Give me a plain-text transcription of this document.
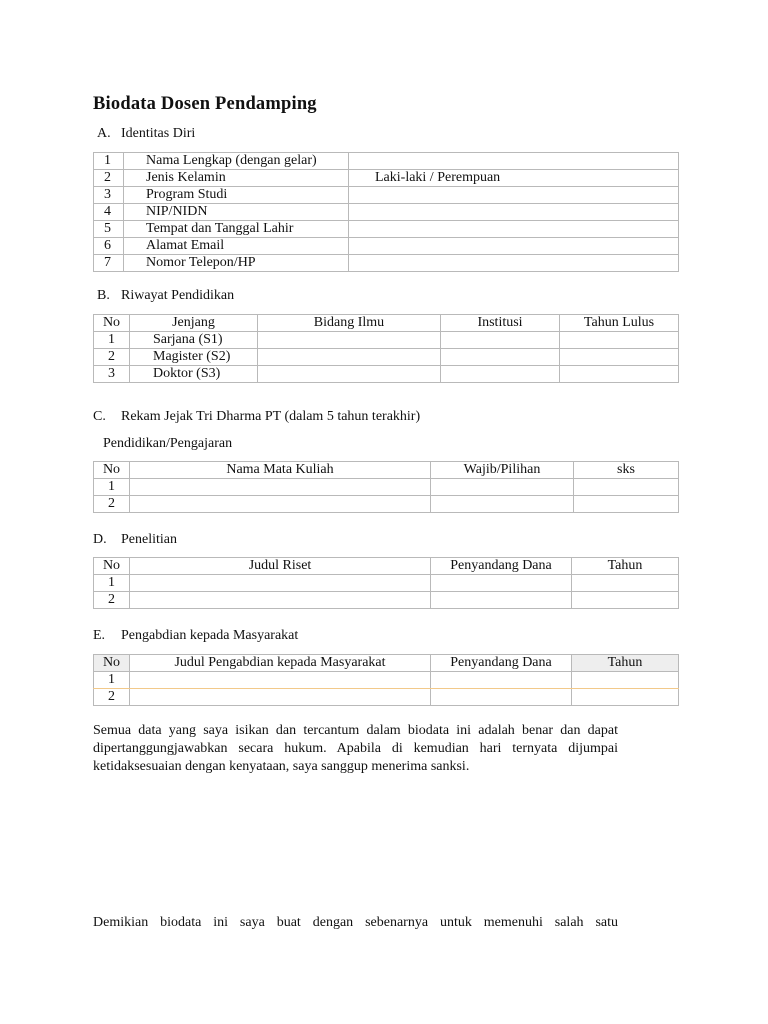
Biodata Dosen Pendamping
A. Identitas Diri
1	Nama Lengkap (dengan gelar)	
2	Jenis Kelamin	Laki-laki / Perempuan
3	Program Studi	
4	NIP/NIDN	
5	Tempat dan Tanggal Lahir	
6	Alamat Email	
7	Nomor Telepon/HP	
B. Riwayat Pendidikan
No	Jenjang	Bidang Ilmu	Institusi	Tahun Lulus
1	Sarjana (S1)			
2	Magister (S2)			
3	Doktor (S3)			
C. Rekam Jejak Tri Dharma PT (dalam 5 tahun terakhir)
Pendidikan/Pengajaran
No	Nama Mata Kuliah	Wajib/Pilihan	sks
1			
2			
D. Penelitian
No	Judul Riset	Penyandang Dana	Tahun
1			
2			
E. Pengabdian kepada Masyarakat
No	Judul Pengabdian kepada Masyarakat	Penyandang Dana	Tahun
1			
2			
Semua data yang saya isikan dan tercantum dalam biodata ini adalah benar dan dapat dipertanggungjawabkan secara hukum. Apabila di kemudian hari ternyata dijumpai ketidaksesuaian dengan kenyataan, saya sanggup menerima sanksi.
Demikian biodata ini saya buat dengan sebenarnya untuk memenuhi salah satu
